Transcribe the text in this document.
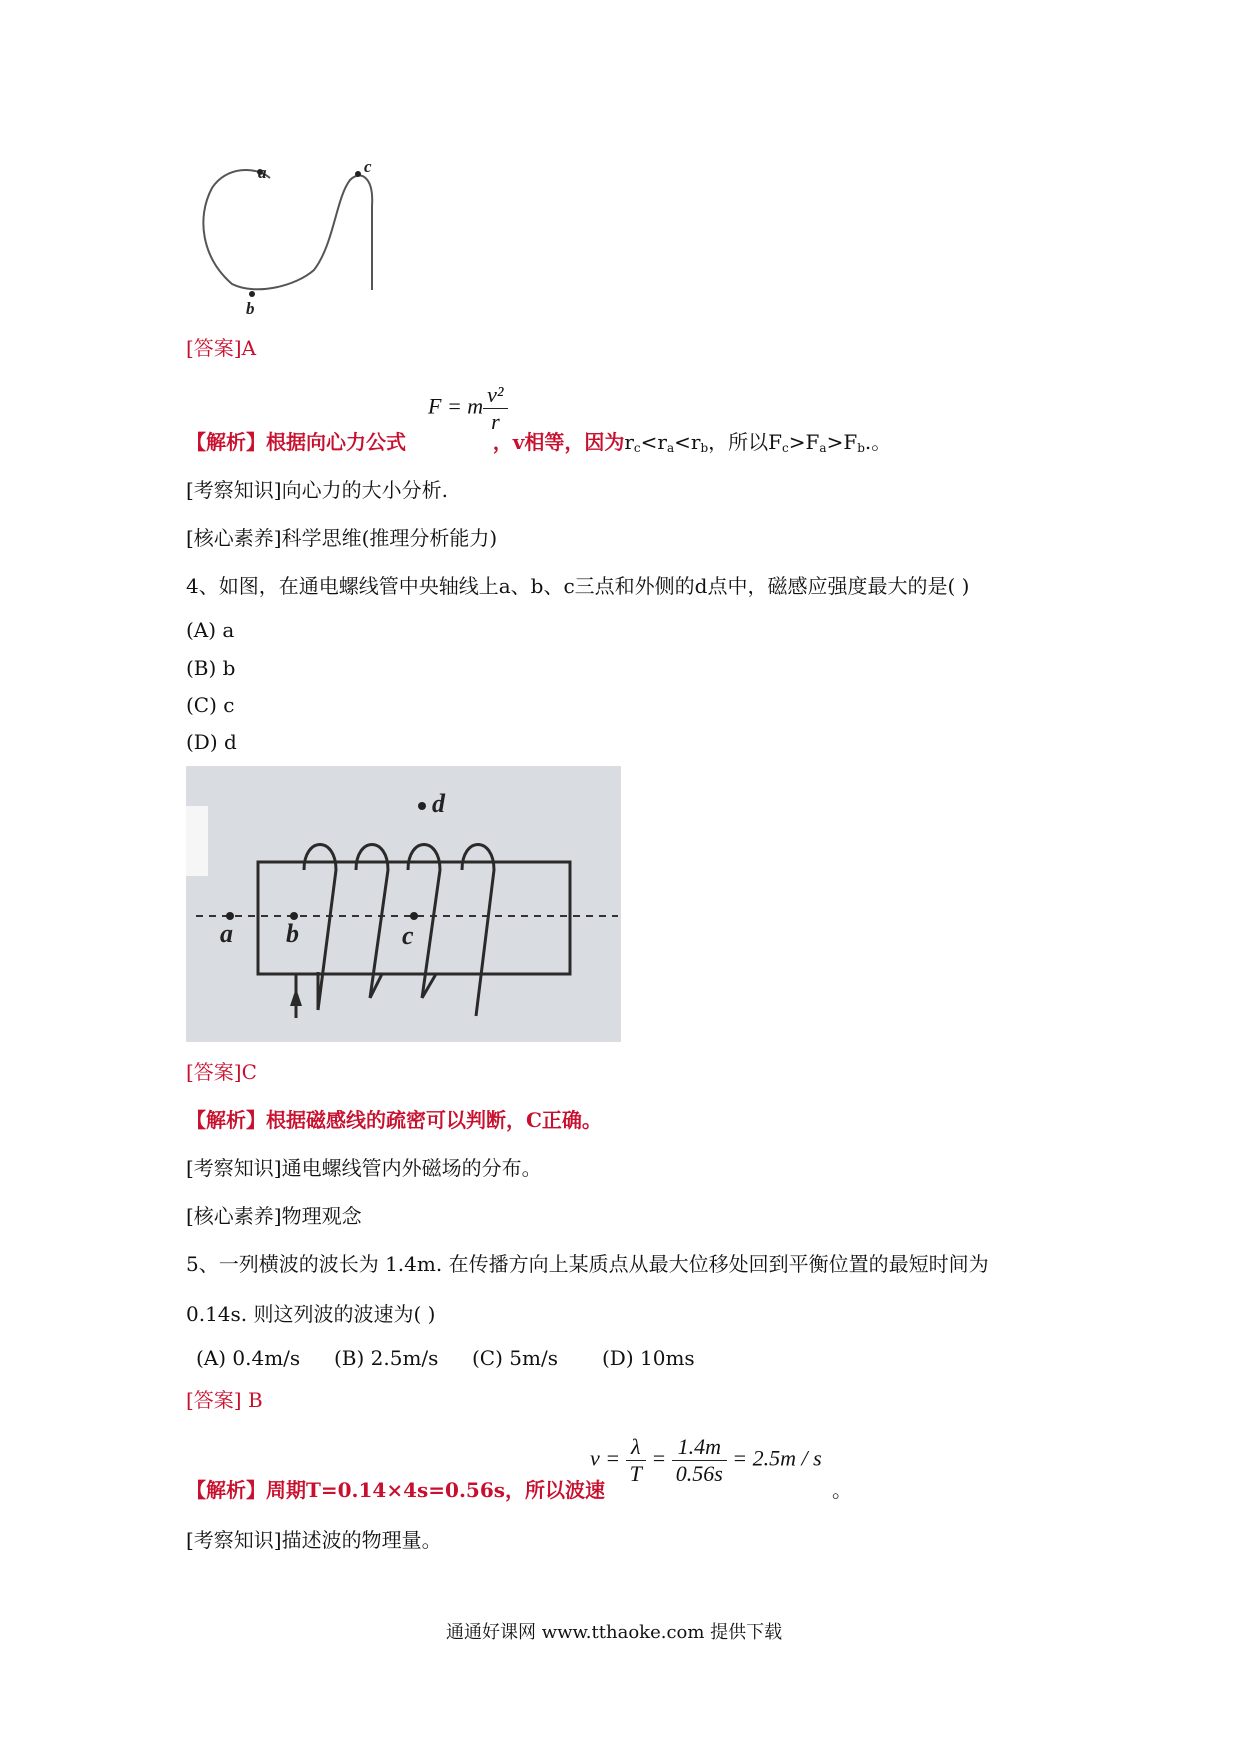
a
b
c
[答案]A
F = m $\frac{\text{v²}}{r}$
【解析】根据向心力公式	，v相等，因为$r_c<r_a<r_b$，所以$F_c>F_a>F_b$.。
[考察知识]向心力的大小分析.
[核心素养]科学思维(推理分析能力)
4、如图，在通电螺线管中央轴线上a、b、c三点和外侧的d点中，磁感应强度最大的是( )
(A) a
(B) b
(C) c
(D) d
a b	c
d
[答案]C
【解析】根据磁感线的疏密可以判断，C正确。
[考察知识]通电螺线管内外磁场的分布。
[核心素养]物理观念
5、一列横波的波长为 1.4m. 在传播方向上某质点从最大位移处回到平衡位置的最短时间为
0.14s. 则这列波的波速为( )
(A) 0.4m/s (B) 2.5m/s (C) 5m/s (D) 10ms
[答案] B
$v = \frac{\lambda}{T} = \frac{1.4m}{0.56s} = 2.5m / s$
【解析】周期T=0.14×4s=0.56s，所以波速	。
[考察知识]描述波的物理量。
通通好课网 www.tthaoke.com 提供下载
